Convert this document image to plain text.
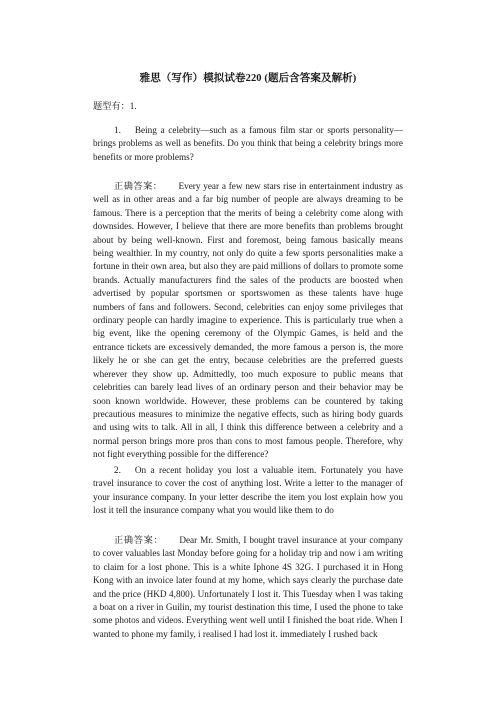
雅思（写作）模拟试卷220 (题后含答案及解析)
题型有：1.
1. Being a celebrity—such as a famous film star or sports personality—brings problems as well as benefits. Do you think that being a celebrity brings more benefits or more problems?
正确答案： Every year a few new stars rise in entertainment industry as well as in other areas and a far big number of people are always dreaming to be famous. There is a perception that the merits of being a celebrity come along with downsides. However, I believe that there are more benefits than problems brought about by being well-known. First and foremost, being famous basically means being wealthier. In my country, not only do quite a few sports personalities make a fortune in their own area, but also they are paid millions of dollars to promote some brands. Actually manufacturers find the sales of the products are boosted when advertised by popular sportsmen or sportswomen as these talents have huge numbers of fans and followers. Second, celebrities can enjoy some privileges that ordinary people can hardly imagine to experience. This is particularly true when a big event, like the opening ceremony of the Olympic Games, is held and the entrance tickets are excessively demanded, the more famous a person is, the more likely he or she can get the entry, because celebrities are the preferred guests wherever they show up. Admittedly, too much exposure to public means that celebrities can barely lead lives of an ordinary person and their behavior may be soon known worldwide. However, these problems can be countered by taking precautious measures to minimize the negative effects, such as hiring body guards and using wits to talk. All in all, I think this difference between a celebrity and a normal person brings more pros than cons to most famous people. Therefore, why not fight everything possible for the difference?
2. On a recent holiday you lost a valuable item. Fortunately you have travel insurance to cover the cost of anything lost. Write a letter to the manager of your insurance company. In your letter describe the item you lost explain how you lost it tell the insurance company what you would like them to do
正确答案： Dear Mr. Smith, I bought travel insurance at your company to cover valuables last Monday before going for a holiday trip and now i am writing to claim for a lost phone. This is a white Iphone 4S 32G. I purchased it in Hong Kong with an invoice later found at my home, which says clearly the purchase date and the price (HKD 4,800). Unfortunately I lost it. This Tuesday when I was taking a boat on a river in Guilin, my tourist destination this time, I used the phone to take some photos and videos. Everything went well until I finished the boat ride. When I wanted to phone my family, i realised I had lost it. immediately I rushed back
